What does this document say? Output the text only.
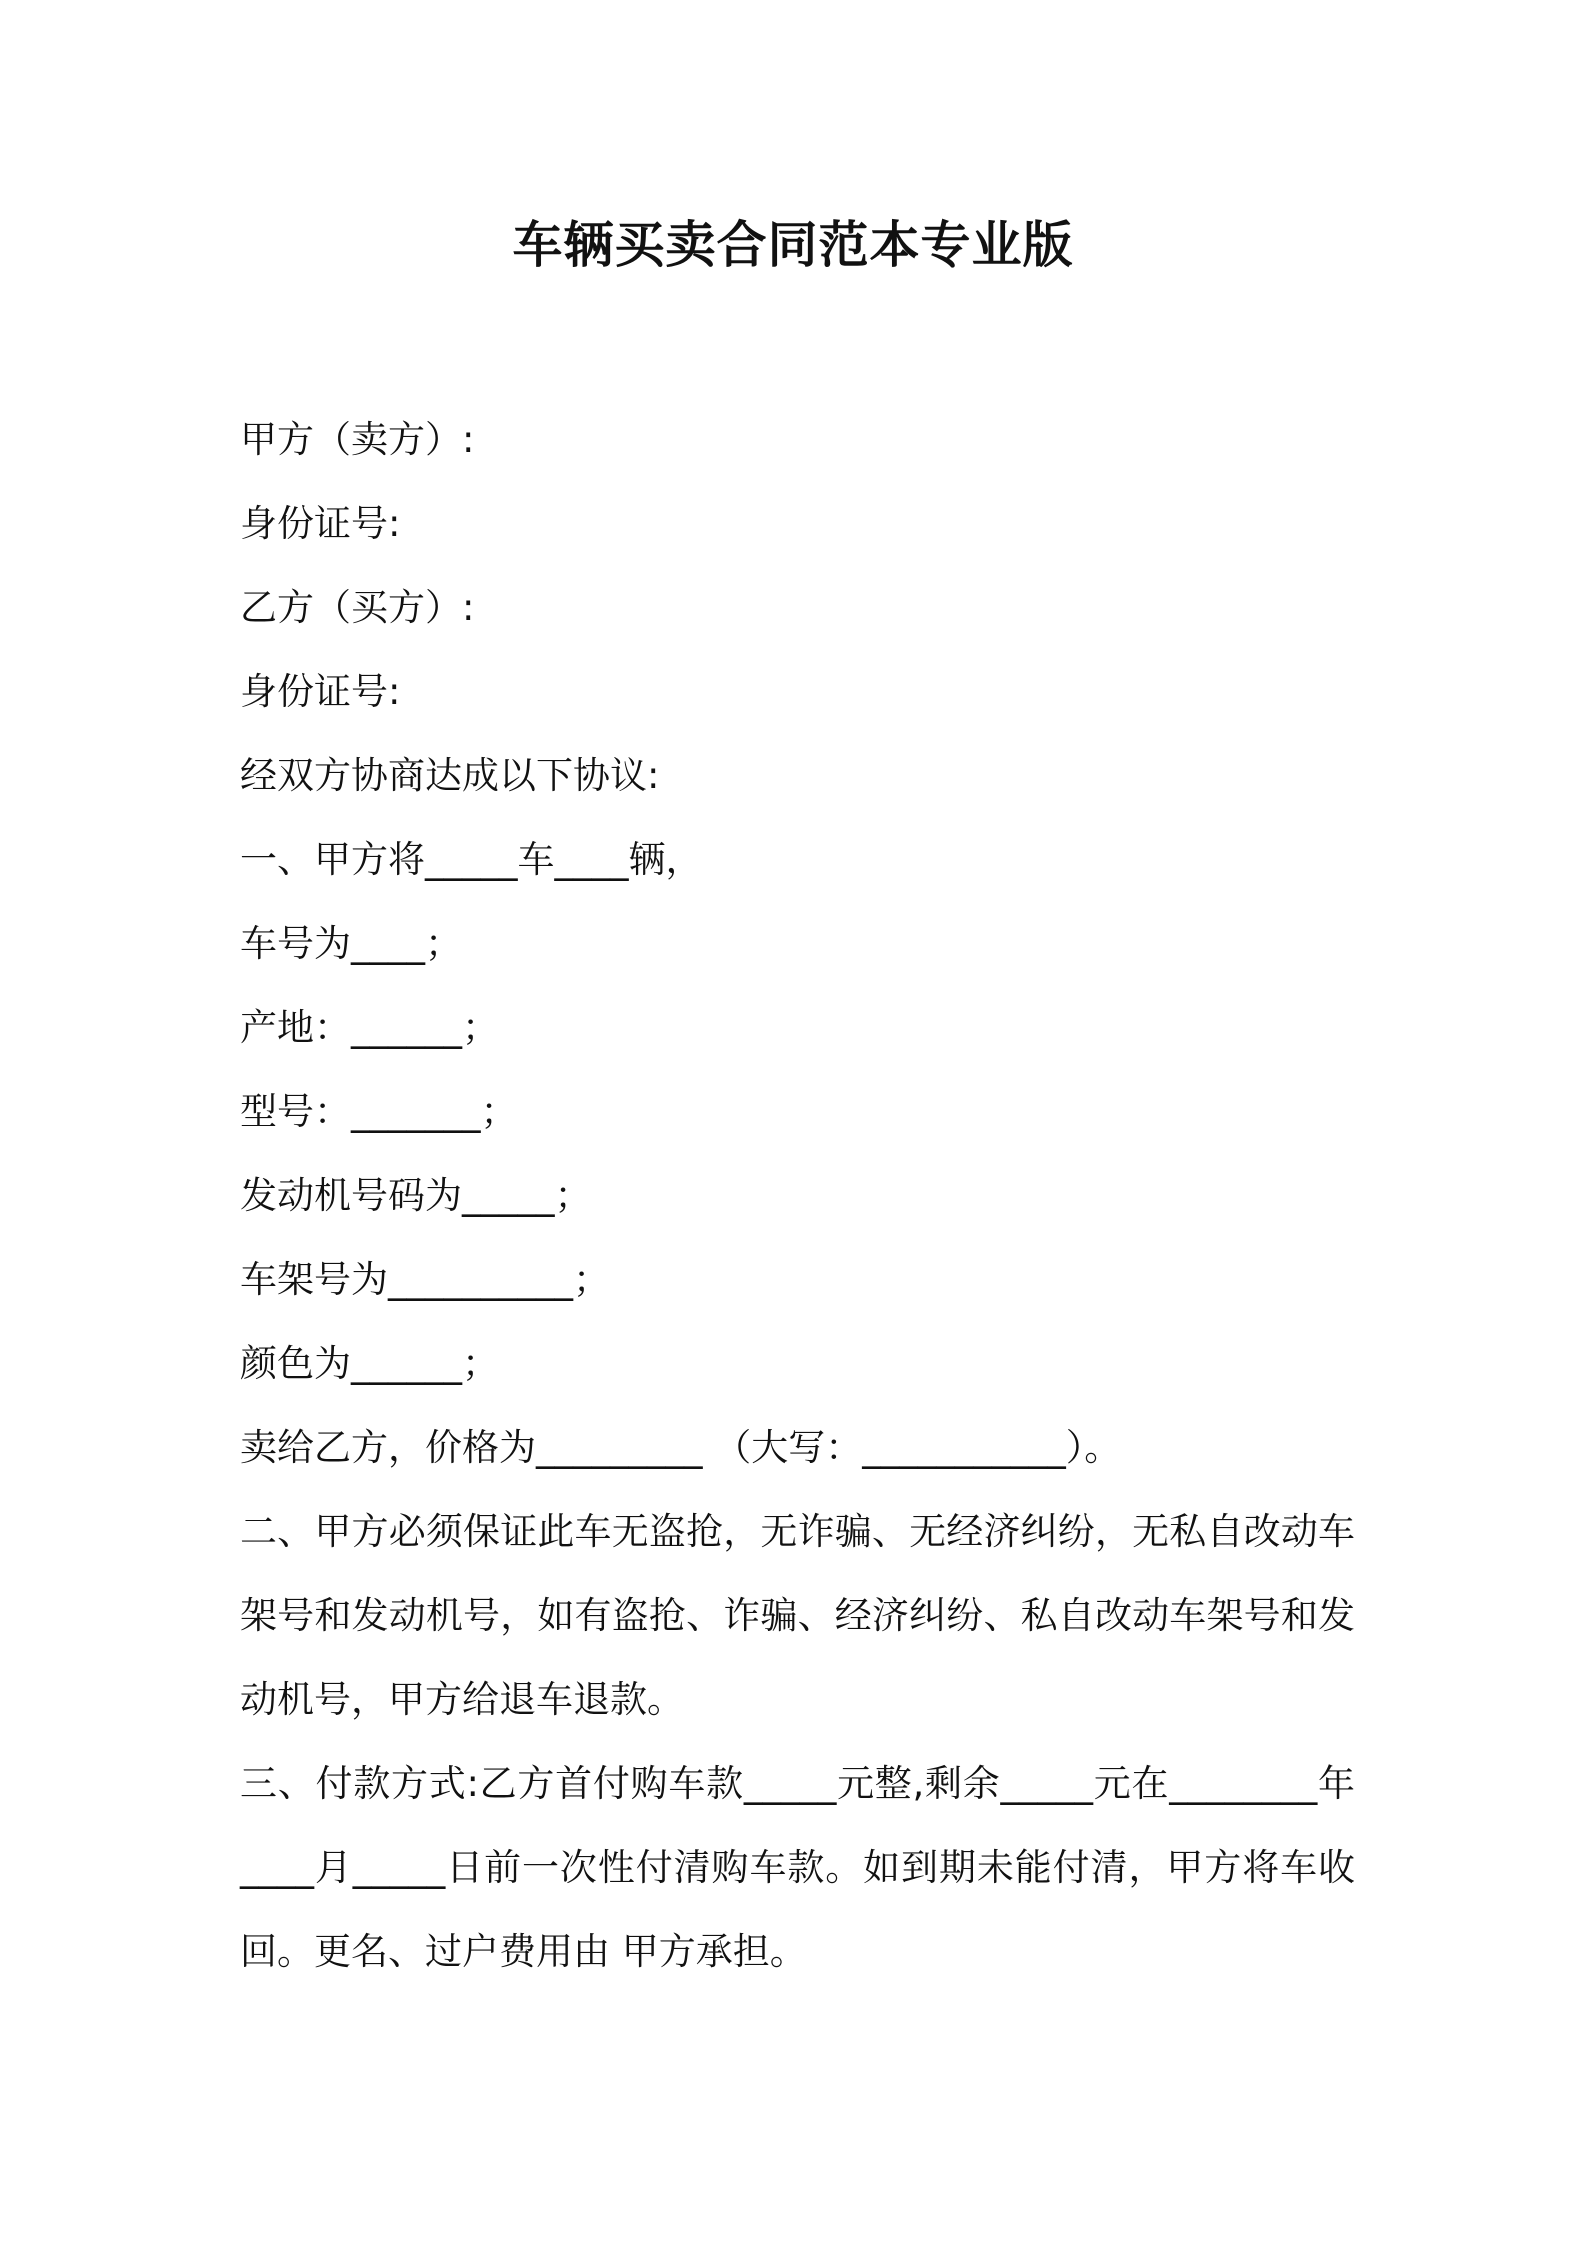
车辆买卖合同范本专业版

甲方（卖方）:

身份证号:

乙方（买方）:

身份证号:

经双方协商达成以下协议:

一、甲方将_____车____辆，

车号为____；

产地：______；

型号：_______；

发动机号码为_____；

车架号为__________；

颜色为______；

卖给乙方，价格为_________ （大写：___________）。

二、甲方必须保证此车无盗抢，无诈骗、无经济纠纷，无私自改动车架号和发动机号，如有盗抢、诈骗、经济纠纷、私自改动车架号和发动机号，甲方给退车退款。

三、付款方式:乙方首付购车款_____元整,剩余_____元在________年____月_____日前一次性付清购车款。如到期未能付清，甲方将车收回。更名、过户费用由 甲方承担。
